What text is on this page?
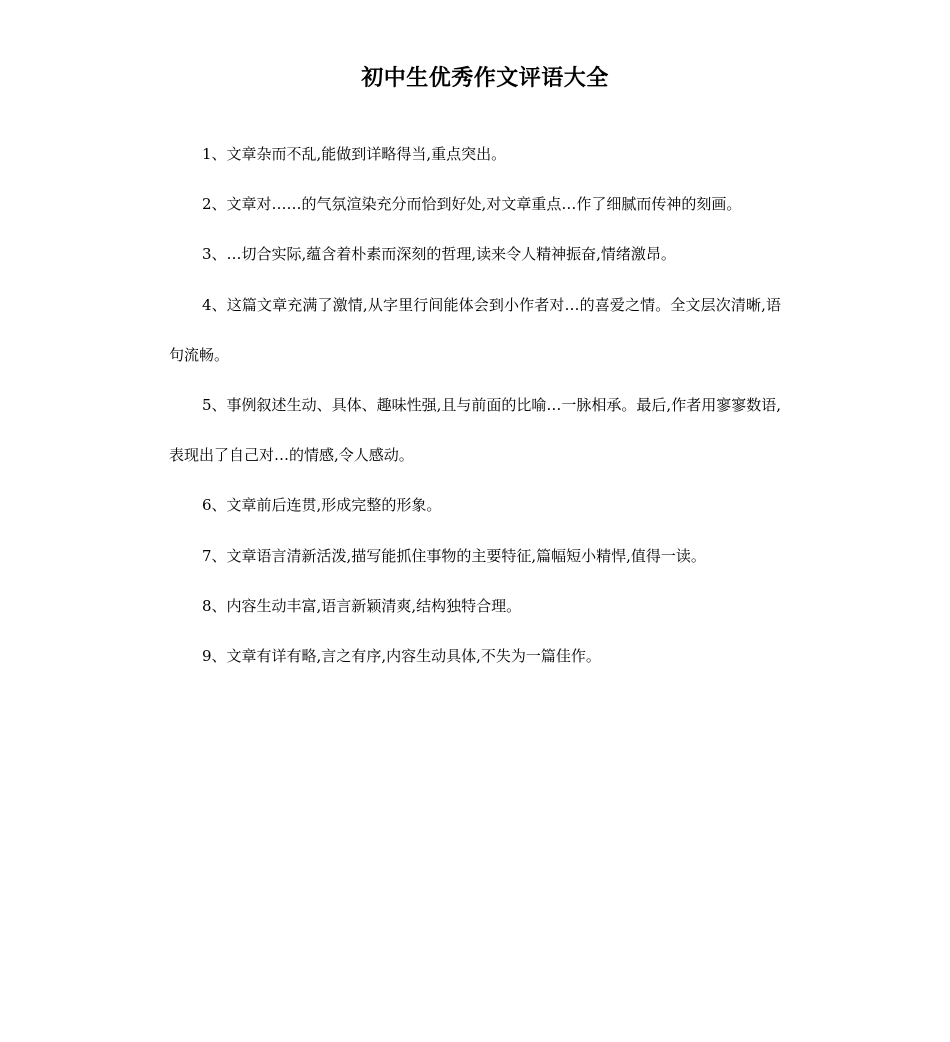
初中生优秀作文评语大全

1、文章杂而不乱,能做到详略得当,重点突出。

2、文章对……的气氛渲染充分而恰到好处,对文章重点…作了细腻而传神的刻画。

3、…切合实际,蕴含着朴素而深刻的哲理,读来令人精神振奋,情绪激昂。

4、这篇文章充满了激情,从字里行间能体会到小作者对…的喜爱之情。全文层次清晰,语句流畅。

5、事例叙述生动、具体、趣味性强,且与前面的比喻…一脉相承。最后,作者用寥寥数语,表现出了自己对…的情感,令人感动。

6、文章前后连贯,形成完整的形象。

7、文章语言清新活泼,描写能抓住事物的主要特征,篇幅短小精悍,值得一读。

8、内容生动丰富,语言新颖清爽,结构独特合理。

9、文章有详有略,言之有序,内容生动具体,不失为一篇佳作。
